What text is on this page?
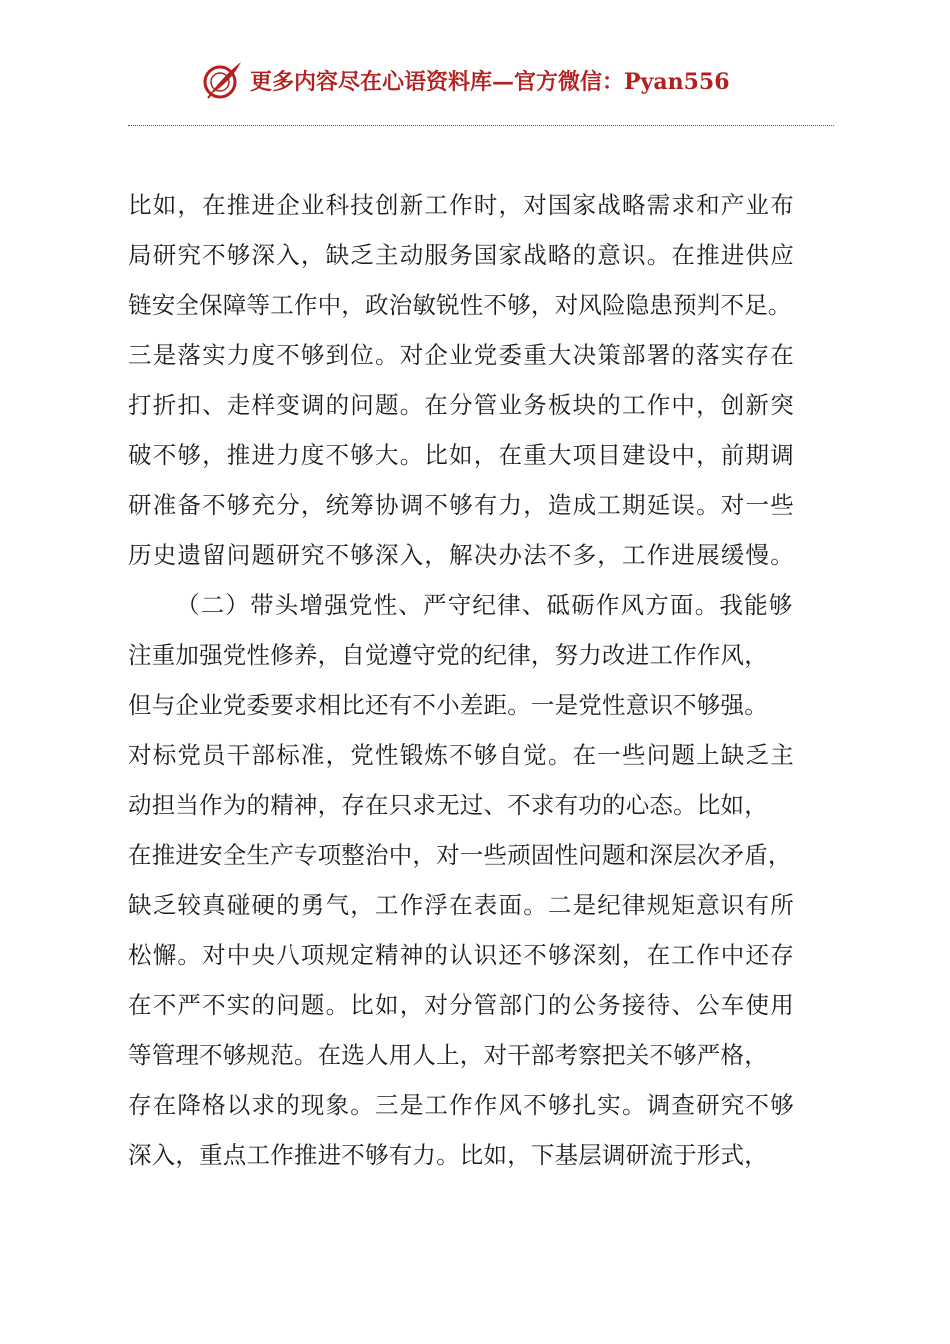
更多内容尽在心语资料库—官方微信：Pyan556
比如，在推进企业科技创新工作时，对国家战略需求和产业布
局研究不够深入，缺乏主动服务国家战略的意识。在推进供应
链安全保障等工作中，政治敏锐性不够，对风险隐患预判不足。
三是落实力度不够到位。对企业党委重大决策部署的落实存在
打折扣、走样变调的问题。在分管业务板块的工作中，创新突
破不够，推进力度不够大。比如，在重大项目建设中，前期调
研准备不够充分，统筹协调不够有力，造成工期延误。对一些
历史遗留问题研究不够深入，解决办法不多，工作进展缓慢。
（二）带头增强党性、严守纪律、砥砺作风方面。我能够
注重加强党性修养，自觉遵守党的纪律，努力改进工作作风，
但与企业党委要求相比还有不小差距。一是党性意识不够强。
对标党员干部标准，党性锻炼不够自觉。在一些问题上缺乏主
动担当作为的精神，存在只求无过、不求有功的心态。比如，
在推进安全生产专项整治中，对一些顽固性问题和深层次矛盾，
缺乏较真碰硬的勇气，工作浮在表面。二是纪律规矩意识有所
松懈。对中央八项规定精神的认识还不够深刻，在工作中还存
在不严不实的问题。比如，对分管部门的公务接待、公车使用
等管理不够规范。在选人用人上，对干部考察把关不够严格，
存在降格以求的现象。三是工作作风不够扎实。调查研究不够
深入，重点工作推进不够有力。比如，下基层调研流于形式，
